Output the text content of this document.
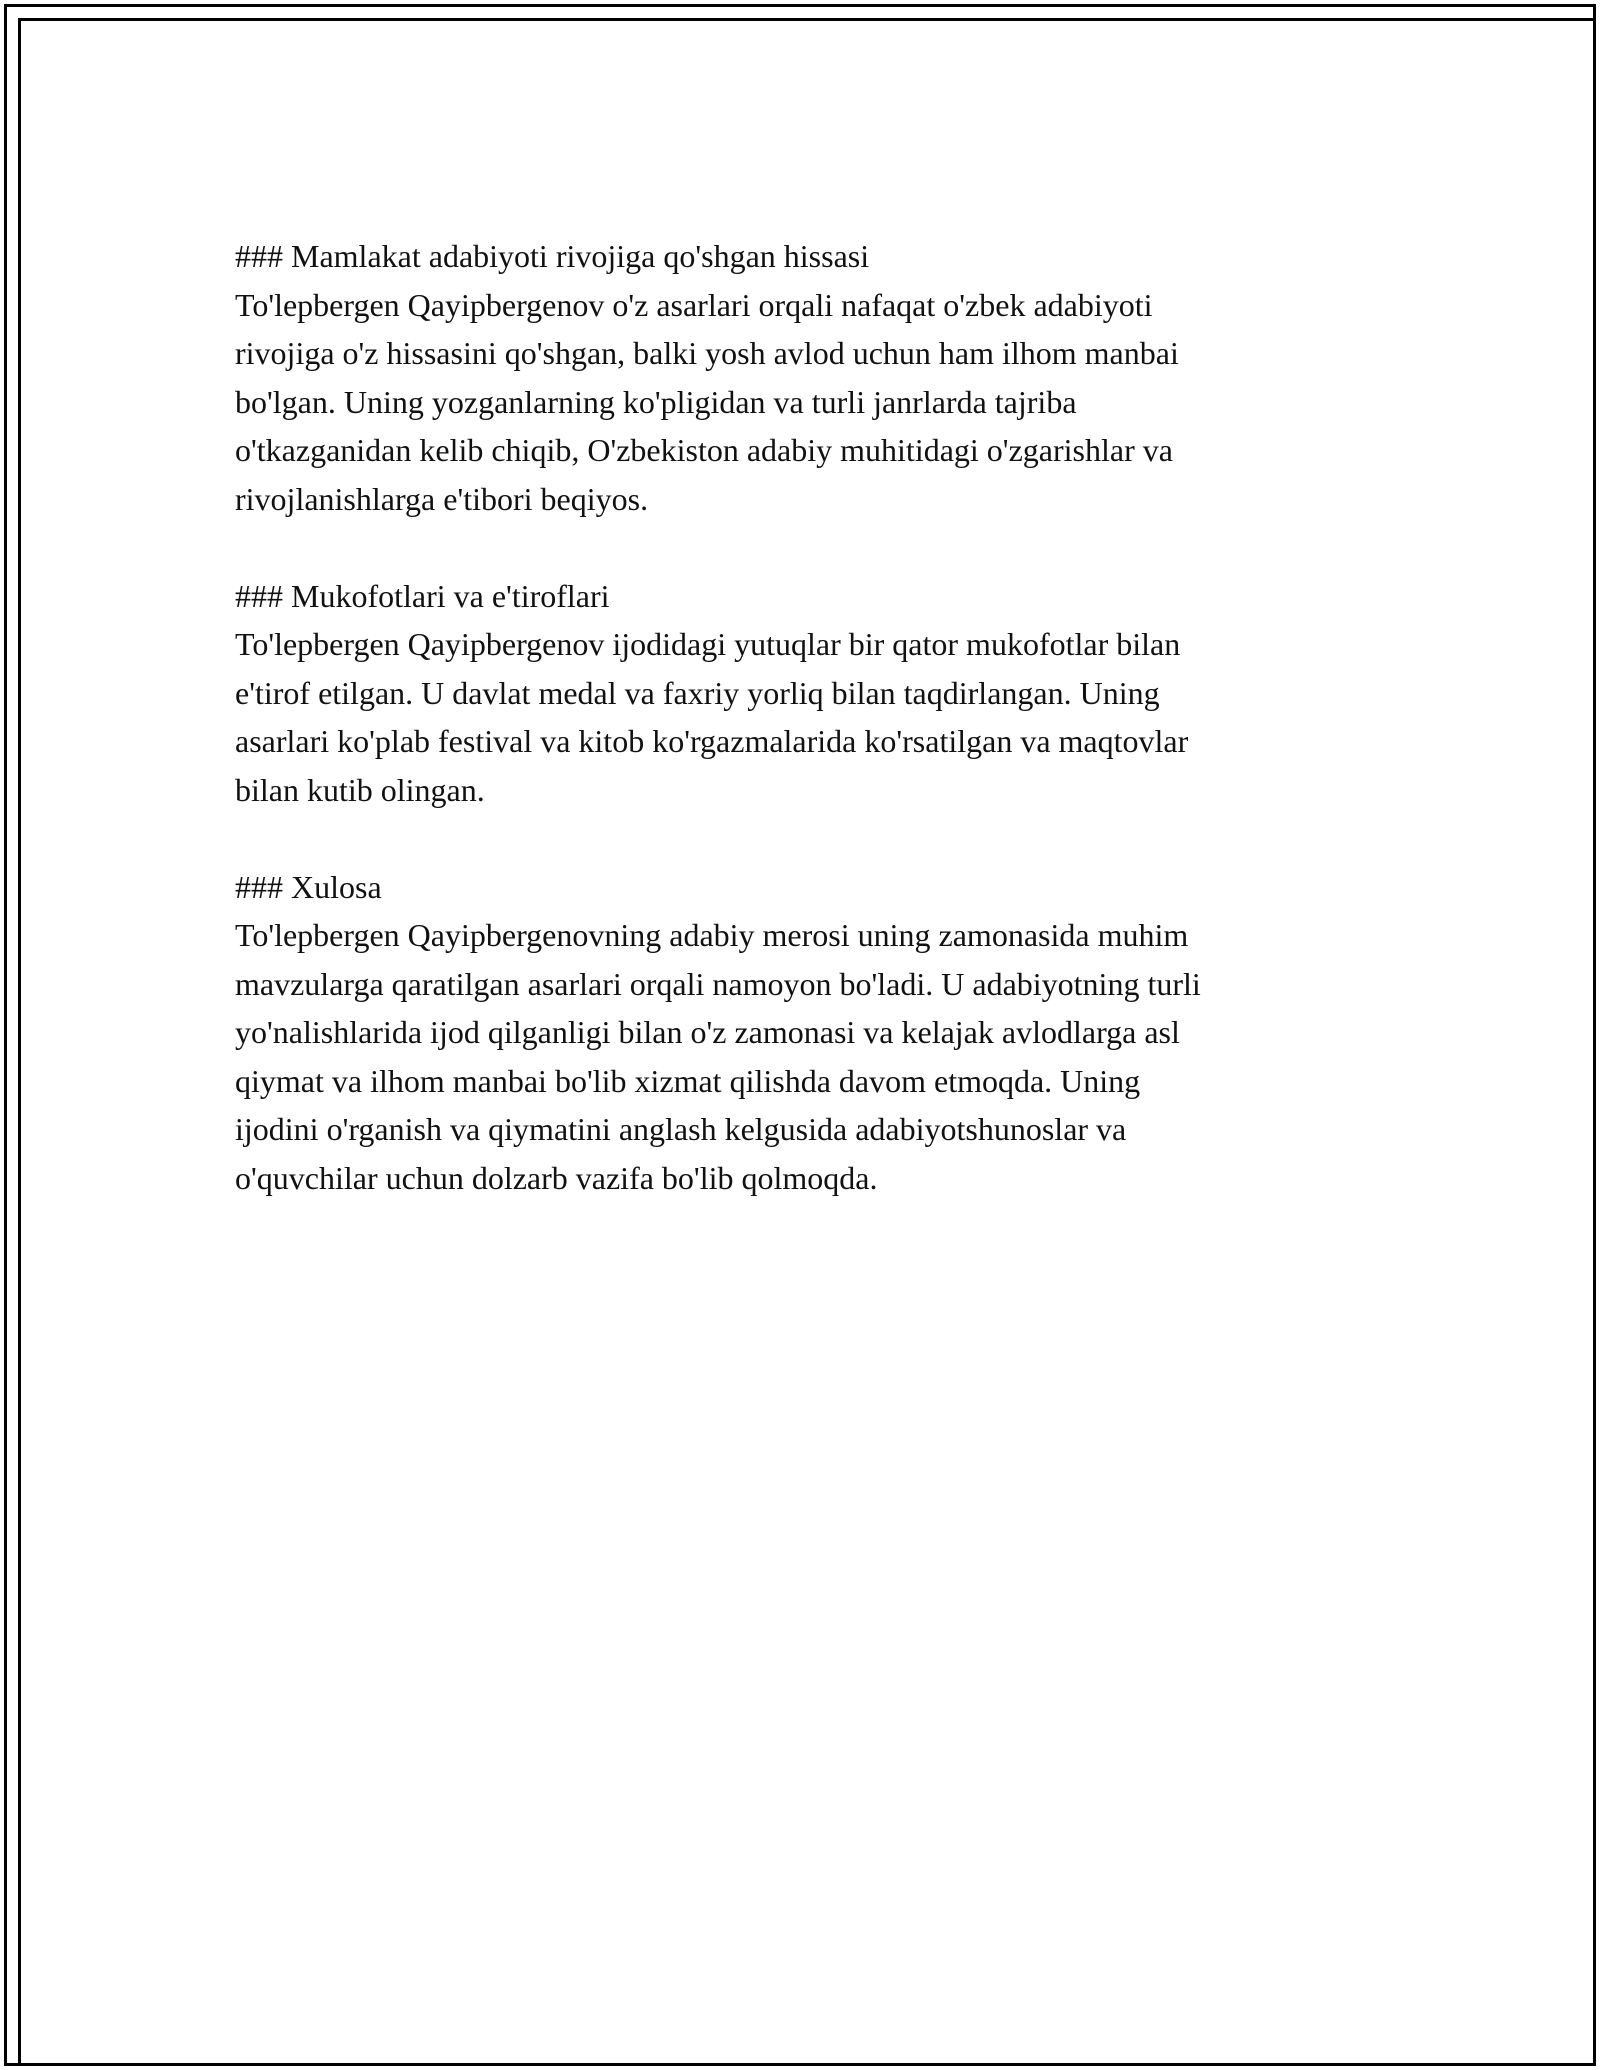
### Mamlakat adabiyoti rivojiga qo'shgan hissasi

To'lepbergen Qayipbergenov o'z asarlari orqali nafaqat o'zbek adabiyoti
rivojiga o'z hissasini qo'shgan, balki yosh avlod uchun ham ilhom manbai
bo'lgan. Uning yozganlarning ko'pligidan va turli janrlarda tajriba
o'tkazganidan kelib chiqib, O'zbekiston adabiy muhitidagi o'zgarishlar va
rivojlanishlarga e'tibori beqiyos.

### Mukofotlari va e'tiroflari

To'lepbergen Qayipbergenov ijodidagi yutuqlar bir qator mukofotlar bilan
e'tirof etilgan. U davlat medal va faxriy yorliq bilan taqdirlangan. Uning
asarlari ko'plab festival va kitob ko'rgazmalarida ko'rsatilgan va maqtovlar
bilan kutib olingan.

### Xulosa

To'lepbergen Qayipbergenovning adabiy merosi uning zamonasida muhim
mavzularga qaratilgan asarlari orqali namoyon bo'ladi. U adabiyotning turli
yo'nalishlarida ijod qilganligi bilan o'z zamonasi va kelajak avlodlarga asl
qiymat va ilhom manbai bo'lib xizmat qilishda davom etmoqda. Uning
ijodini o'rganish va qiymatini anglash kelgusida adabiyotshunoslar va
o'quvchilar uchun dolzarb vazifa bo'lib qolmoqda.
